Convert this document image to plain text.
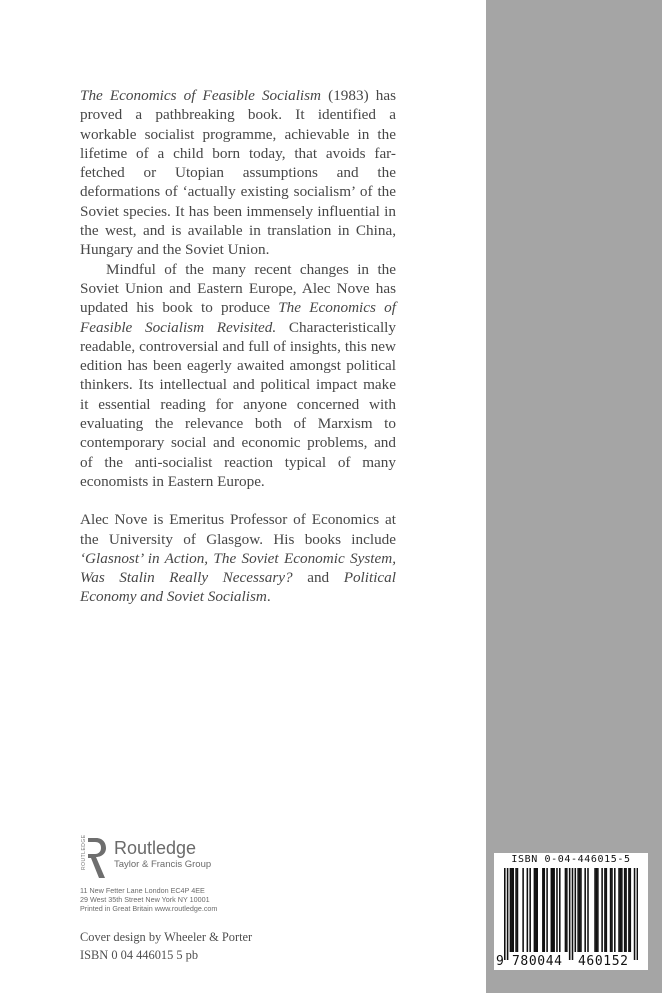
The Economics of Feasible Socialism (1983) has proved a pathbreaking book. It identified a workable socialist programme, achievable in the lifetime of a child born today, that avoids far-fetched or Utopian assumptions and the deformations of ‘actually existing socialism’ of the Soviet species. It has been immensely influential in the west, and is available in translation in China, Hungary and the Soviet Union.

Mindful of the many recent changes in the Soviet Union and Eastern Europe, Alec Nove has updated his book to produce The Economics of Feasible Socialism Revisited. Characteristically readable, controversial and full of insights, this new edition has been eagerly awaited amongst political thinkers. Its intellectual and political impact make it essential reading for anyone concerned with evaluating the relevance both of Marxism to contemporary social and economic problems, and of the anti-socialist reaction typical of many economists in Eastern Europe.

Alec Nove is Emeritus Professor of Economics at the University of Glasgow. His books include ‘Glasnost’ in Action, The Soviet Economic System, Was Stalin Really Necessary? and Political Economy and Soviet Socialism.

ROUTLEDGE Routledge
Taylor & Francis Group
11 New Fetter Lane London EC4P 4EE
29 West 35th Street New York NY 10001
Printed in Great Britain www.routledge.com
Cover design by Wheeler & Porter
ISBN 0 04 446015 5 pb
ISBN 0-04-446015-5
9 780044 460152
